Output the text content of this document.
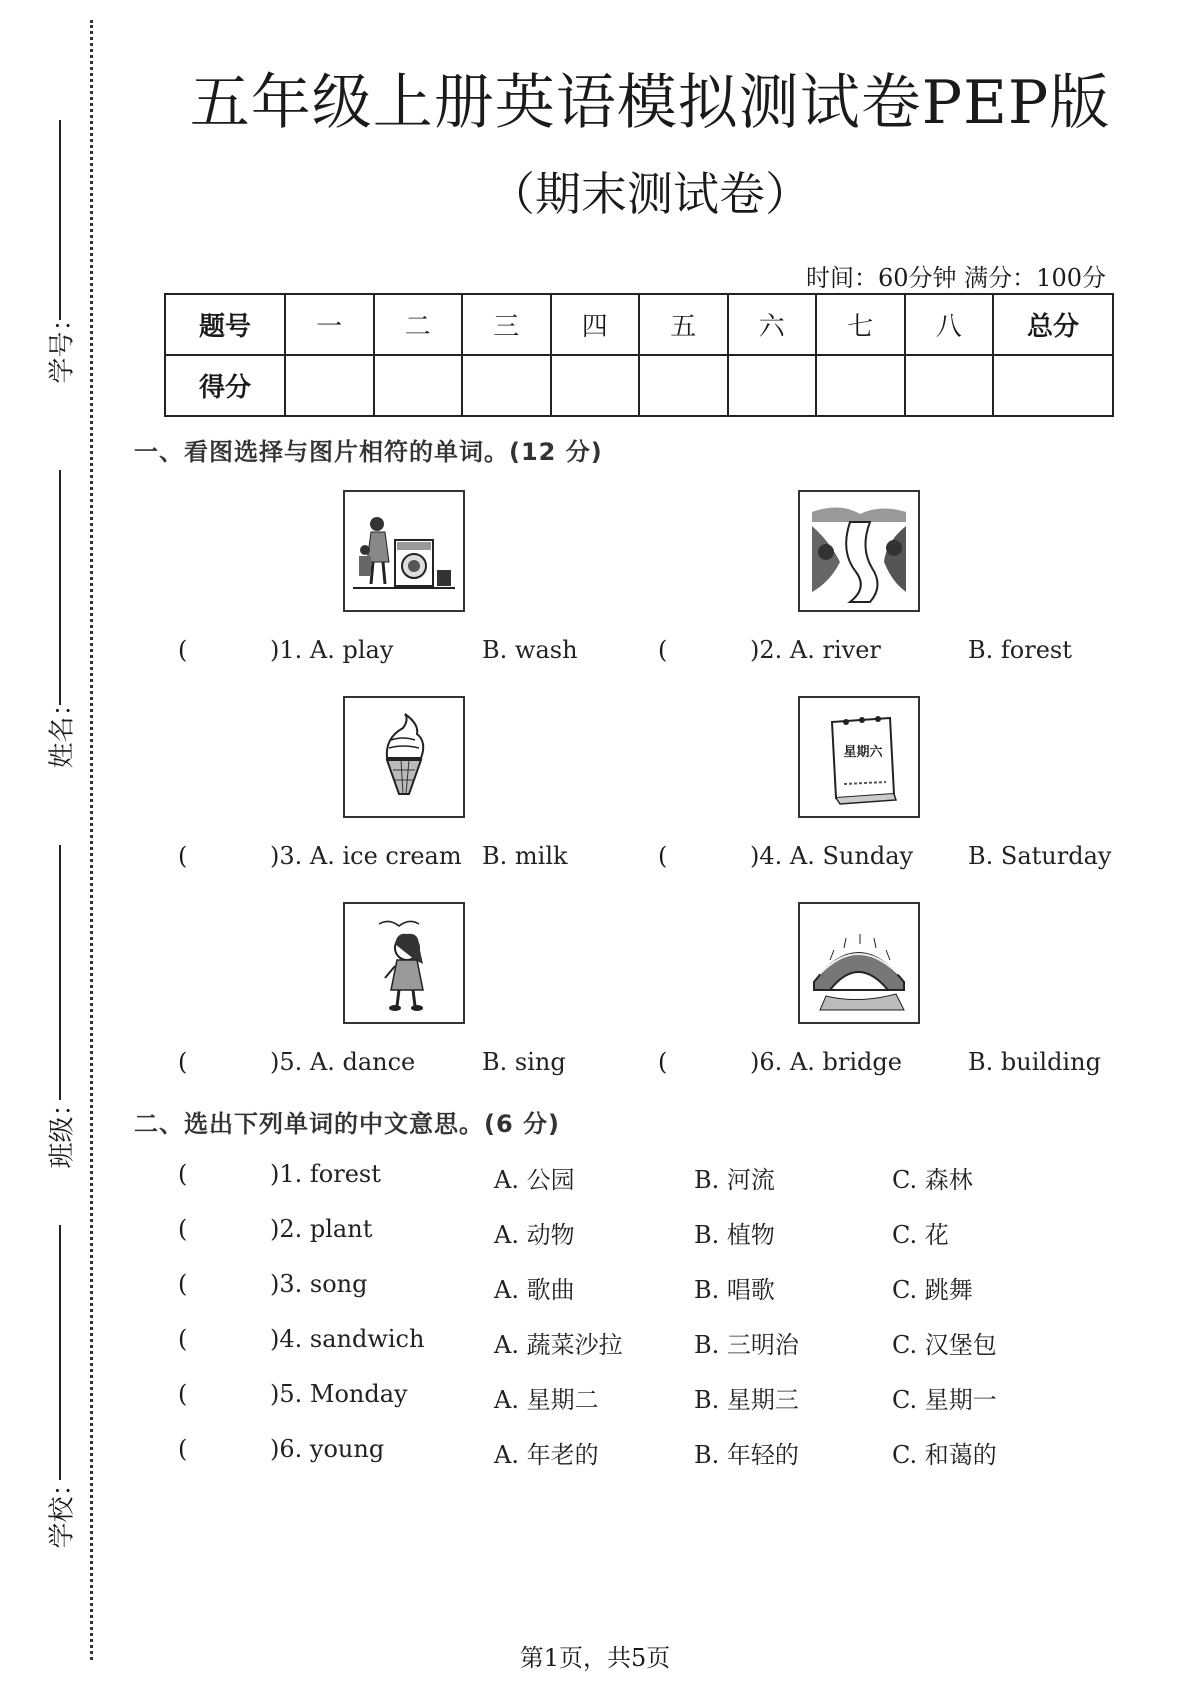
学号：
姓名：
班级：
学校：
五年级上册英语模拟测试卷PEP版
（期末测试卷）
时间：60分钟 满分：100分
题号	一	二	三	四	五	六	七	八	总分
得分									
一、看图选择与图片相符的单词。(12 分)
星期六
(	)1. A. play	B. wash	(	)2. A. river	B. forest
(	)3. A. ice cream B. milk	(	)4. A. Sunday B. Saturday
(	)5. A. dance	B. sing	(	)6. A. bridge	B. building
二、选出下列单词的中文意思。(6 分)
(	)1. forest	A. 公园	B. 河流	C. 森林
(	)2. plant	A. 动物	B. 植物	C. 花
(	)3. song	A. 歌曲	B. 唱歌	C. 跳舞
(	)4. sandwich	A. 蔬菜沙拉	B. 三明治	C. 汉堡包
(	)5. Monday	A. 星期二	B. 星期三	C. 星期一
(	)6. young	A. 年老的	B. 年轻的	C. 和蔼的
第1页，共5页
